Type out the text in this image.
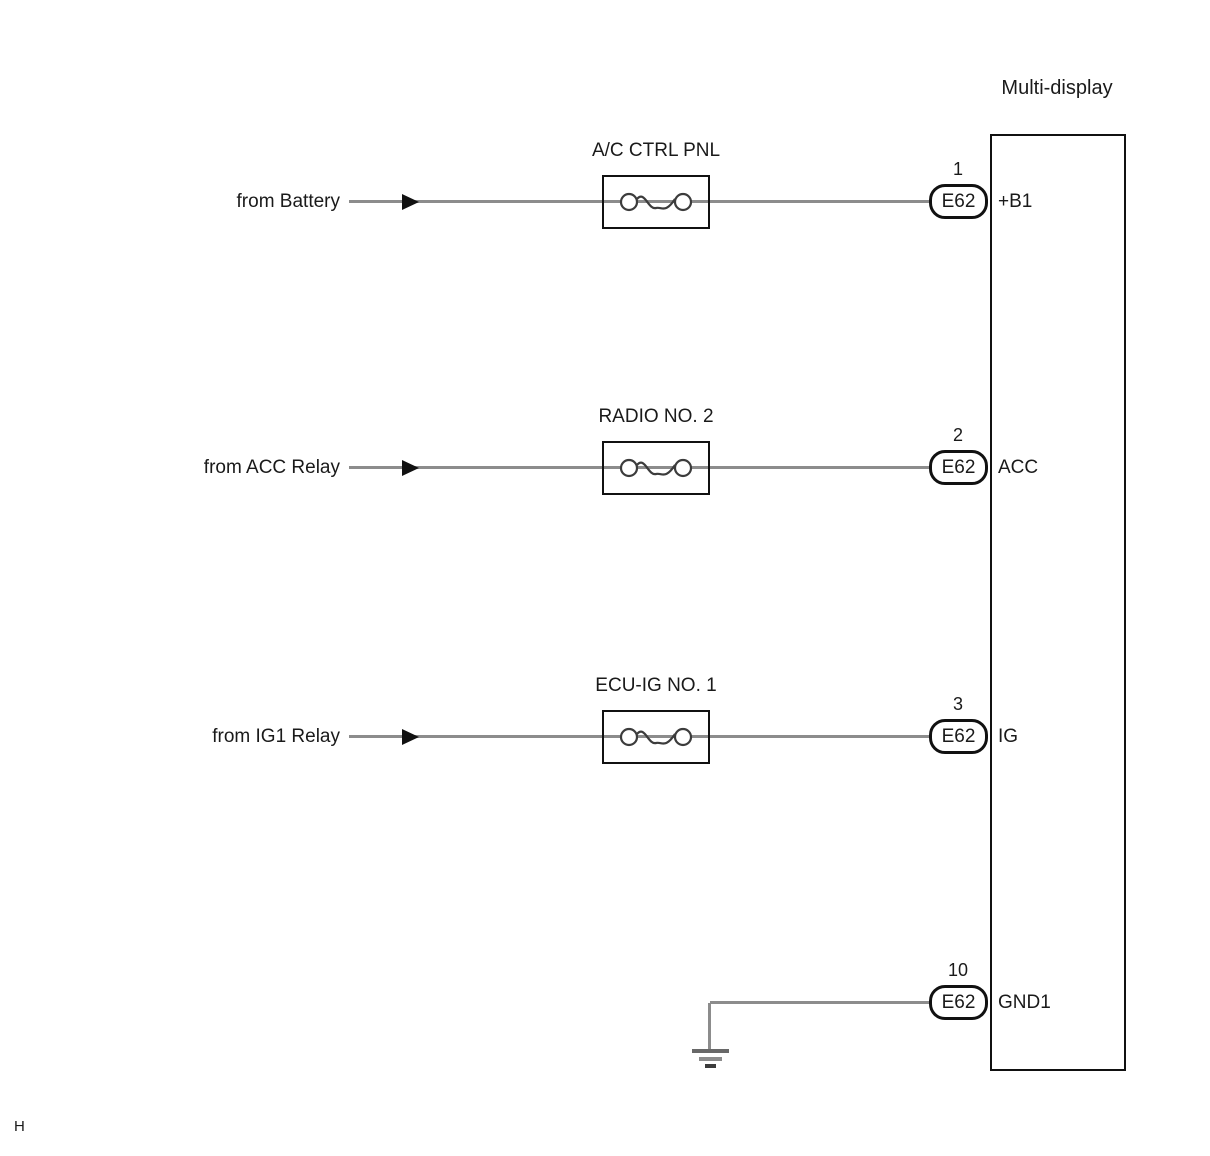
Multi-display
from Battery
A/C CTRL PNL
1
E62 +B1
from ACC Relay
RADIO NO. 2
2
E62 ACC
from IG1 Relay
ECU-IG NO. 1
3
E62 IG
10
E62 GND1
H
